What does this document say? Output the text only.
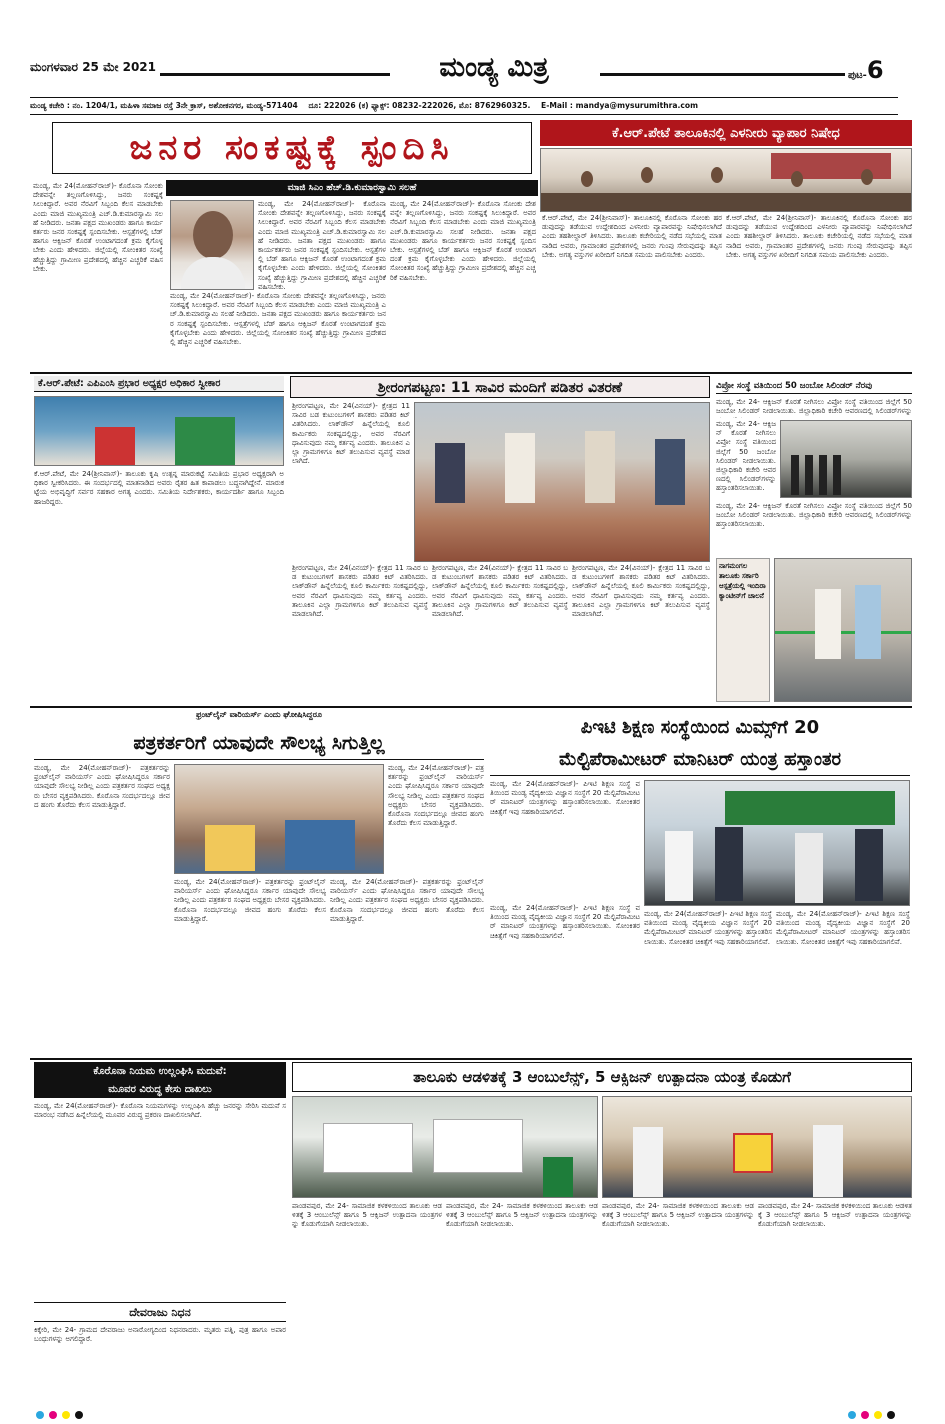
ಮಂಗಳವಾರ 25 ಮೇ 2021	ಮಂಡ್ಯ ಮಿತ್ರ	ಪುಟ-6
ಮಂಡ್ಯ ಕಚೇರಿ : ನಂ. 1204/1, ಮಹಿಳಾ ಸಮಾಜ ರಸ್ತೆ 3ನೇ ಕ್ರಾಸ್, ಅಶೋಕನಗರ, ಮಂಡ್ಯ-571404 ದೂ: 222026 (ಕ) ಫ್ಯಾಕ್ಸ್: 08232-222026, ಮೊ: 8762960325. E-Mail : mandya@mysurumithra.com
ಜನರ ಸಂಕಷ್ಟಕ್ಕೆ ಸ್ಪಂದಿಸಿ
ಮಂಡ್ಯ, ಮೇ 24(ಮೋಹನ್‌ರಾಜ್)- ಕೊರೊನಾ ಸೋಂಕು ದೇಶವನ್ನೇ ತಲ್ಲಣಗೊಳಿಸಿದ್ದು, ಜನರು ಸಂಕಷ್ಟಕ್ಕೆ ಸಿಲುಕಿದ್ದಾರೆ. ಅವರ ನೆರವಿಗೆ ಸಿಬ್ಬಂದಿ ಕೆಲಸ ಮಾಡಬೇಕು ಎಂದು ಮಾಜಿ ಮುಖ್ಯಮಂತ್ರಿ ಎಚ್.ಡಿ.ಕುಮಾರಸ್ವಾಮಿ ಸಲಹೆ ನೀಡಿದರು. ಜನತಾ ಪಕ್ಷದ ಮುಖಂಡರು ಹಾಗೂ ಕಾರ್ಯಕರ್ತರು ಜನರ ಸಂಕಷ್ಟಕ್ಕೆ ಸ್ಪಂದಿಸಬೇಕು. ಆಸ್ಪತ್ರೆಗಳಲ್ಲಿ ಬೆಡ್ ಹಾಗೂ ಆಕ್ಸಿಜನ್ ಕೊರತೆ ಉಂಟಾಗದಂತೆ ಕ್ರಮ ಕೈಗೊಳ್ಳಬೇಕು ಎಂದು ಹೇಳಿದರು. ಜಿಲ್ಲೆಯಲ್ಲಿ ಸೋಂಕಿತರ ಸಂಖ್ಯೆ ಹೆಚ್ಚುತ್ತಿದ್ದು ಗ್ರಾಮೀಣ ಪ್ರದೇಶದಲ್ಲಿ ಹೆಚ್ಚಿನ ಎಚ್ಚರಿಕೆ ವಹಿಸಬೇಕು.
ಮಾಜಿ ಸಿಎಂ ಹೆಚ್.ಡಿ.ಕುಮಾರಸ್ವಾಮಿ ಸಲಹೆ
ಮಂಡ್ಯ, ಮೇ 24(ಮೋಹನ್‌ರಾಜ್)- ಕೊರೊನಾ ಸೋಂಕು ದೇಶವನ್ನೇ ತಲ್ಲಣಗೊಳಿಸಿದ್ದು, ಜನರು ಸಂಕಷ್ಟಕ್ಕೆ ಸಿಲುಕಿದ್ದಾರೆ. ಅವರ ನೆರವಿಗೆ ಸಿಬ್ಬಂದಿ ಕೆಲಸ ಮಾಡಬೇಕು ಎಂದು ಮಾಜಿ ಮುಖ್ಯಮಂತ್ರಿ ಎಚ್.ಡಿ.ಕುಮಾರಸ್ವಾಮಿ ಸಲಹೆ ನೀಡಿದರು. ಜನತಾ ಪಕ್ಷದ ಮುಖಂಡರು ಹಾಗೂ ಕಾರ್ಯಕರ್ತರು ಜನರ ಸಂಕಷ್ಟಕ್ಕೆ ಸ್ಪಂದಿಸಬೇಕು. ಆಸ್ಪತ್ರೆಗಳಲ್ಲಿ ಬೆಡ್ ಹಾಗೂ ಆಕ್ಸಿಜನ್ ಕೊರತೆ ಉಂಟಾಗದಂತೆ ಕ್ರಮ ಕೈಗೊಳ್ಳಬೇಕು ಎಂದು ಹೇಳಿದರು. ಜಿಲ್ಲೆಯಲ್ಲಿ ಸೋಂಕಿತರ ಸಂಖ್ಯೆ ಹೆಚ್ಚುತ್ತಿದ್ದು ಗ್ರಾಮೀಣ ಪ್ರದೇಶದಲ್ಲಿ ಹೆಚ್ಚಿನ ಎಚ್ಚರಿಕೆ ವಹಿಸಬೇಕು.
ಮಂಡ್ಯ, ಮೇ 24(ಮೋಹನ್‌ರಾಜ್)- ಕೊರೊನಾ ಸೋಂಕು ದೇಶವನ್ನೇ ತಲ್ಲಣಗೊಳಿಸಿದ್ದು, ಜನರು ಸಂಕಷ್ಟಕ್ಕೆ ಸಿಲುಕಿದ್ದಾರೆ. ಅವರ ನೆರವಿಗೆ ಸಿಬ್ಬಂದಿ ಕೆಲಸ ಮಾಡಬೇಕು ಎಂದು ಮಾಜಿ ಮುಖ್ಯಮಂತ್ರಿ ಎಚ್.ಡಿ.ಕುಮಾರಸ್ವಾಮಿ ಸಲಹೆ ನೀಡಿದರು. ಜನತಾ ಪಕ್ಷದ ಮುಖಂಡರು ಹಾಗೂ ಕಾರ್ಯಕರ್ತರು ಜನರ ಸಂಕಷ್ಟಕ್ಕೆ ಸ್ಪಂದಿಸಬೇಕು. ಆಸ್ಪತ್ರೆಗಳಲ್ಲಿ ಬೆಡ್ ಹಾಗೂ ಆಕ್ಸಿಜನ್ ಕೊರತೆ ಉಂಟಾಗದಂತೆ ಕ್ರಮ ಕೈಗೊಳ್ಳಬೇಕು ಎಂದು ಹೇಳಿದರು. ಜಿಲ್ಲೆಯಲ್ಲಿ ಸೋಂಕಿತರ ಸಂಖ್ಯೆ ಹೆಚ್ಚುತ್ತಿದ್ದು ಗ್ರಾಮೀಣ ಪ್ರದೇಶದಲ್ಲಿ ಹೆಚ್ಚಿನ ಎಚ್ಚರಿಕೆ ವಹಿಸಬೇಕು.
ಮಂಡ್ಯ, ಮೇ 24(ಮೋಹನ್‌ರಾಜ್)- ಕೊರೊನಾ ಸೋಂಕು ದೇಶವನ್ನೇ ತಲ್ಲಣಗೊಳಿಸಿದ್ದು, ಜನರು ಸಂಕಷ್ಟಕ್ಕೆ ಸಿಲುಕಿದ್ದಾರೆ. ಅವರ ನೆರವಿಗೆ ಸಿಬ್ಬಂದಿ ಕೆಲಸ ಮಾಡಬೇಕು ಎಂದು ಮಾಜಿ ಮುಖ್ಯಮಂತ್ರಿ ಎಚ್.ಡಿ.ಕುಮಾರಸ್ವಾಮಿ ಸಲಹೆ ನೀಡಿದರು. ಜನತಾ ಪಕ್ಷದ ಮುಖಂಡರು ಹಾಗೂ ಕಾರ್ಯಕರ್ತರು ಜನರ ಸಂಕಷ್ಟಕ್ಕೆ ಸ್ಪಂದಿಸಬೇಕು. ಆಸ್ಪತ್ರೆಗಳಲ್ಲಿ ಬೆಡ್ ಹಾಗೂ ಆಕ್ಸಿಜನ್ ಕೊರತೆ ಉಂಟಾಗದಂತೆ ಕ್ರಮ ಕೈಗೊಳ್ಳಬೇಕು ಎಂದು ಹೇಳಿದರು. ಜಿಲ್ಲೆಯಲ್ಲಿ ಸೋಂಕಿತರ ಸಂಖ್ಯೆ ಹೆಚ್ಚುತ್ತಿದ್ದು ಗ್ರಾಮೀಣ ಪ್ರದೇಶದಲ್ಲಿ ಹೆಚ್ಚಿನ ಎಚ್ಚರಿಕೆ ವಹಿಸಬೇಕು.
ಕೆ.ಆರ್.ಪೇಟೆ ತಾಲೂಕಿನಲ್ಲಿ ಎಳನೀರು ವ್ಯಾಪಾರ ನಿಷೇಧ
ಕೆ.ಆರ್.ಪೇಟೆ, ಮೇ 24(ಶ್ರೀನಿವಾಸ್)- ತಾಲೂಕಿನಲ್ಲಿ ಕೊರೊನಾ ಸೋಂಕು ಹರಡುವುದನ್ನು ತಡೆಯುವ ಉದ್ದೇಶದಿಂದ ಎಳನೀರು ವ್ಯಾಪಾರವನ್ನು ನಿಷೇಧಿಸಲಾಗಿದೆ ಎಂದು ತಹಶೀಲ್ದಾರ್ ತಿಳಿಸಿದರು. ತಾಲೂಕು ಕಚೇರಿಯಲ್ಲಿ ನಡೆದ ಸಭೆಯಲ್ಲಿ ಮಾತನಾಡಿದ ಅವರು, ಗ್ರಾಮಾಂತರ ಪ್ರದೇಶಗಳಲ್ಲಿ ಜನರು ಗುಂಪು ಸೇರುವುದನ್ನು ತಪ್ಪಿಸಬೇಕು. ಅಗತ್ಯ ವಸ್ತುಗಳ ಖರೀದಿಗೆ ನಿಗದಿತ ಸಮಯ ಪಾಲಿಸಬೇಕು ಎಂದರು.
ಕೆ.ಆರ್.ಪೇಟೆ, ಮೇ 24(ಶ್ರೀನಿವಾಸ್)- ತಾಲೂಕಿನಲ್ಲಿ ಕೊರೊನಾ ಸೋಂಕು ಹರಡುವುದನ್ನು ತಡೆಯುವ ಉದ್ದೇಶದಿಂದ ಎಳನೀರು ವ್ಯಾಪಾರವನ್ನು ನಿಷೇಧಿಸಲಾಗಿದೆ ಎಂದು ತಹಶೀಲ್ದಾರ್ ತಿಳಿಸಿದರು. ತಾಲೂಕು ಕಚೇರಿಯಲ್ಲಿ ನಡೆದ ಸಭೆಯಲ್ಲಿ ಮಾತನಾಡಿದ ಅವರು, ಗ್ರಾಮಾಂತರ ಪ್ರದೇಶಗಳಲ್ಲಿ ಜನರು ಗುಂಪು ಸೇರುವುದನ್ನು ತಪ್ಪಿಸಬೇಕು. ಅಗತ್ಯ ವಸ್ತುಗಳ ಖರೀದಿಗೆ ನಿಗದಿತ ಸಮಯ ಪಾಲಿಸಬೇಕು ಎಂದರು.
ಕೆ.ಆರ್.ಪೇಟೆ: ಎಪಿಎಂಸಿ ಪ್ರಭಾರ ಅಧ್ಯಕ್ಷರ ಅಧಿಕಾರ ಸ್ವೀಕಾರ
ಕೆ.ಆರ್.ಪೇಟೆ, ಮೇ 24(ಶ್ರೀನಿವಾಸ್)- ತಾಲೂಕು ಕೃಷಿ ಉತ್ಪನ್ನ ಮಾರುಕಟ್ಟೆ ಸಮಿತಿಯ ಪ್ರಭಾರ ಅಧ್ಯಕ್ಷರಾಗಿ ಅಧಿಕಾರ ಸ್ವೀಕರಿಸಿದರು. ಈ ಸಂದರ್ಭದಲ್ಲಿ ಮಾತನಾಡಿದ ಅವರು ರೈತರ ಹಿತ ಕಾಪಾಡಲು ಬದ್ಧನಾಗಿದ್ದೇನೆ. ಮಾರುಕಟ್ಟೆಯ ಅಭಿವೃದ್ಧಿಗೆ ಸರ್ವರ ಸಹಕಾರ ಅಗತ್ಯ ಎಂದರು. ಸಮಿತಿಯ ನಿರ್ದೇಶಕರು, ಕಾರ್ಯದರ್ಶಿ ಹಾಗೂ ಸಿಬ್ಬಂದಿ ಹಾಜರಿದ್ದರು.
ಶ್ರೀರಂಗಪಟ್ಟಣ: 11 ಸಾವಿರ ಮಂದಿಗೆ ಪಡಿತರ ವಿತರಣೆ
ಶ್ರೀರಂಗಪಟ್ಟಣ, ಮೇ 24(ವಿನಯ್)- ಕ್ಷೇತ್ರದ 11 ಸಾವಿರ ಬಡ ಕುಟುಂಬಗಳಿಗೆ ಶಾಸಕರು ಪಡಿತರ ಕಿಟ್ ವಿತರಿಸಿದರು. ಲಾಕ್‌ಡೌನ್ ಹಿನ್ನೆಲೆಯಲ್ಲಿ ಕೂಲಿ ಕಾರ್ಮಿಕರು ಸಂಕಷ್ಟದಲ್ಲಿದ್ದು, ಅವರ ನೆರವಿಗೆ ಧಾವಿಸುವುದು ನಮ್ಮ ಕರ್ತವ್ಯ ಎಂದರು. ತಾಲೂಕಿನ ಎಲ್ಲಾ ಗ್ರಾಮಗಳಿಗೂ ಕಿಟ್ ತಲುಪಿಸುವ ವ್ಯವಸ್ಥೆ ಮಾಡಲಾಗಿದೆ.
ಶ್ರೀರಂಗಪಟ್ಟಣ, ಮೇ 24(ವಿನಯ್)- ಕ್ಷೇತ್ರದ 11 ಸಾವಿರ ಬಡ ಕುಟುಂಬಗಳಿಗೆ ಶಾಸಕರು ಪಡಿತರ ಕಿಟ್ ವಿತರಿಸಿದರು. ಲಾಕ್‌ಡೌನ್ ಹಿನ್ನೆಲೆಯಲ್ಲಿ ಕೂಲಿ ಕಾರ್ಮಿಕರು ಸಂಕಷ್ಟದಲ್ಲಿದ್ದು, ಅವರ ನೆರವಿಗೆ ಧಾವಿಸುವುದು ನಮ್ಮ ಕರ್ತವ್ಯ ಎಂದರು. ತಾಲೂಕಿನ ಎಲ್ಲಾ ಗ್ರಾಮಗಳಿಗೂ ಕಿಟ್ ತಲುಪಿಸುವ ವ್ಯವಸ್ಥೆ ಮಾಡಲಾಗಿದೆ.
ಶ್ರೀರಂಗಪಟ್ಟಣ, ಮೇ 24(ವಿನಯ್)- ಕ್ಷೇತ್ರದ 11 ಸಾವಿರ ಬಡ ಕುಟುಂಬಗಳಿಗೆ ಶಾಸಕರು ಪಡಿತರ ಕಿಟ್ ವಿತರಿಸಿದರು. ಲಾಕ್‌ಡೌನ್ ಹಿನ್ನೆಲೆಯಲ್ಲಿ ಕೂಲಿ ಕಾರ್ಮಿಕರು ಸಂಕಷ್ಟದಲ್ಲಿದ್ದು, ಅವರ ನೆರವಿಗೆ ಧಾವಿಸುವುದು ನಮ್ಮ ಕರ್ತವ್ಯ ಎಂದರು. ತಾಲೂಕಿನ ಎಲ್ಲಾ ಗ್ರಾಮಗಳಿಗೂ ಕಿಟ್ ತಲುಪಿಸುವ ವ್ಯವಸ್ಥೆ ಮಾಡಲಾಗಿದೆ.
ಶ್ರೀರಂಗಪಟ್ಟಣ, ಮೇ 24(ವಿನಯ್)- ಕ್ಷೇತ್ರದ 11 ಸಾವಿರ ಬಡ ಕುಟುಂಬಗಳಿಗೆ ಶಾಸಕರು ಪಡಿತರ ಕಿಟ್ ವಿತರಿಸಿದರು. ಲಾಕ್‌ಡೌನ್ ಹಿನ್ನೆಲೆಯಲ್ಲಿ ಕೂಲಿ ಕಾರ್ಮಿಕರು ಸಂಕಷ್ಟದಲ್ಲಿದ್ದು, ಅವರ ನೆರವಿಗೆ ಧಾವಿಸುವುದು ನಮ್ಮ ಕರ್ತವ್ಯ ಎಂದರು. ತಾಲೂಕಿನ ಎಲ್ಲಾ ಗ್ರಾಮಗಳಿಗೂ ಕಿಟ್ ತಲುಪಿಸುವ ವ್ಯವಸ್ಥೆ ಮಾಡಲಾಗಿದೆ.
ವಿಪ್ರೋ ಸಂಸ್ಥೆ ವತಿಯಿಂದ 50 ಜಂಬೋ ಸಿಲಿಂಡರ್ ನೆರವು
ಮಂಡ್ಯ, ಮೇ 24- ಆಕ್ಸಿಜನ್ ಕೊರತೆ ನೀಗಿಸಲು ವಿಪ್ರೋ ಸಂಸ್ಥೆ ವತಿಯಿಂದ ಜಿಲ್ಲೆಗೆ 50 ಜಂಬೋ ಸಿಲಿಂಡರ್ ನೀಡಲಾಯಿತು. ಜಿಲ್ಲಾಧಿಕಾರಿ ಕಚೇರಿ ಆವರಣದಲ್ಲಿ ಸಿಲಿಂಡರ್‌ಗಳನ್ನು
ಮಂಡ್ಯ, ಮೇ 24- ಆಕ್ಸಿಜನ್ ಕೊರತೆ ನೀಗಿಸಲು ವಿಪ್ರೋ ಸಂಸ್ಥೆ ವತಿಯಿಂದ ಜಿಲ್ಲೆಗೆ 50 ಜಂಬೋ ಸಿಲಿಂಡರ್ ನೀಡಲಾಯಿತು. ಜಿಲ್ಲಾಧಿಕಾರಿ ಕಚೇರಿ ಆವರಣದಲ್ಲಿ ಸಿಲಿಂಡರ್‌ಗಳನ್ನು ಹಸ್ತಾಂತರಿಸಲಾಯಿತು.
ಮಂಡ್ಯ, ಮೇ 24- ಆಕ್ಸಿಜನ್ ಕೊರತೆ ನೀಗಿಸಲು ವಿಪ್ರೋ ಸಂಸ್ಥೆ ವತಿಯಿಂದ ಜಿಲ್ಲೆಗೆ 50 ಜಂಬೋ ಸಿಲಿಂಡರ್ ನೀಡಲಾಯಿತು. ಜಿಲ್ಲಾಧಿಕಾರಿ ಕಚೇರಿ ಆವರಣದಲ್ಲಿ ಸಿಲಿಂಡರ್‌ಗಳನ್ನು ಹಸ್ತಾಂತರಿಸಲಾಯಿತು.
ನಾಗಮಂಗಲ ತಾಲೂಕು ಸರ್ಕಾರಿ ಆಸ್ಪತ್ರೆಯಲ್ಲಿ ಇಂದಿರಾ ಕ್ಯಾಂಟೀನ್‌ಗೆ ಚಾಲನೆ
ಫ್ರಂಟ್‌ಲೈನ್ ವಾರಿಯರ್ಸ್ ಎಂದು ಘೋಷಿಸಿದ್ದರೂ
ಪತ್ರಕರ್ತರಿಗೆ ಯಾವುದೇ ಸೌಲಭ್ಯ ಸಿಗುತ್ತಿಲ್ಲ
ಮಂಡ್ಯ, ಮೇ 24(ಮೋಹನ್‌ರಾಜ್)- ಪತ್ರಕರ್ತರನ್ನು ಫ್ರಂಟ್‌ಲೈನ್ ವಾರಿಯರ್ಸ್ ಎಂದು ಘೋಷಿಸಿದ್ದರೂ ಸರ್ಕಾರ ಯಾವುದೇ ಸೌಲಭ್ಯ ನೀಡಿಲ್ಲ ಎಂದು ಪತ್ರಕರ್ತರ ಸಂಘದ ಅಧ್ಯಕ್ಷರು ಬೇಸರ ವ್ಯಕ್ತಪಡಿಸಿದರು. ಕೊರೊನಾ ಸಂದರ್ಭದಲ್ಲೂ ಜೀವದ ಹಂಗು ತೊರೆದು ಕೆಲಸ ಮಾಡುತ್ತಿದ್ದಾರೆ.
ಮಂಡ್ಯ, ಮೇ 24(ಮೋಹನ್‌ರಾಜ್)- ಪತ್ರಕರ್ತರನ್ನು ಫ್ರಂಟ್‌ಲೈನ್ ವಾರಿಯರ್ಸ್ ಎಂದು ಘೋಷಿಸಿದ್ದರೂ ಸರ್ಕಾರ ಯಾವುದೇ ಸೌಲಭ್ಯ ನೀಡಿಲ್ಲ ಎಂದು ಪತ್ರಕರ್ತರ ಸಂಘದ ಅಧ್ಯಕ್ಷರು ಬೇಸರ ವ್ಯಕ್ತಪಡಿಸಿದರು. ಕೊರೊನಾ ಸಂದರ್ಭದಲ್ಲೂ ಜೀವದ ಹಂಗು ತೊರೆದು ಕೆಲಸ ಮಾಡುತ್ತಿದ್ದಾರೆ.
ಮಂಡ್ಯ, ಮೇ 24(ಮೋಹನ್‌ರಾಜ್)- ಪತ್ರಕರ್ತರನ್ನು ಫ್ರಂಟ್‌ಲೈನ್ ವಾರಿಯರ್ಸ್ ಎಂದು ಘೋಷಿಸಿದ್ದರೂ ಸರ್ಕಾರ ಯಾವುದೇ ಸೌಲಭ್ಯ ನೀಡಿಲ್ಲ ಎಂದು ಪತ್ರಕರ್ತರ ಸಂಘದ ಅಧ್ಯಕ್ಷರು ಬೇಸರ ವ್ಯಕ್ತಪಡಿಸಿದರು. ಕೊರೊನಾ ಸಂದರ್ಭದಲ್ಲೂ ಜೀವದ ಹಂಗು ತೊರೆದು ಕೆಲಸ ಮಾಡುತ್ತಿದ್ದಾರೆ.
ಮಂಡ್ಯ, ಮೇ 24(ಮೋಹನ್‌ರಾಜ್)- ಪತ್ರಕರ್ತರನ್ನು ಫ್ರಂಟ್‌ಲೈನ್ ವಾರಿಯರ್ಸ್ ಎಂದು ಘೋಷಿಸಿದ್ದರೂ ಸರ್ಕಾರ ಯಾವುದೇ ಸೌಲಭ್ಯ ನೀಡಿಲ್ಲ ಎಂದು ಪತ್ರಕರ್ತರ ಸಂಘದ ಅಧ್ಯಕ್ಷರು ಬೇಸರ ವ್ಯಕ್ತಪಡಿಸಿದರು. ಕೊರೊನಾ ಸಂದರ್ಭದಲ್ಲೂ ಜೀವದ ಹಂಗು ತೊರೆದು ಕೆಲಸ ಮಾಡುತ್ತಿದ್ದಾರೆ.
ಪಿಇಟಿ ಶಿಕ್ಷಣ ಸಂಸ್ಥೆಯಿಂದ ಮಿಮ್ಸ್‌ಗೆ 20
ಮೆಲ್ಟಿಪೆರಾಮೀಟರ್ ಮಾನಿಟರ್ ಯಂತ್ರ ಹಸ್ತಾಂತರ
ಮಂಡ್ಯ, ಮೇ 24(ಮೋಹನ್‌ರಾಜ್)- ಪಿಇಟಿ ಶಿಕ್ಷಣ ಸಂಸ್ಥೆ ವತಿಯಿಂದ ಮಂಡ್ಯ ವೈದ್ಯಕೀಯ ವಿಜ್ಞಾನ ಸಂಸ್ಥೆಗೆ 20 ಮೆಲ್ಟಿಪೆರಾಮೀಟರ್ ಮಾನಿಟರ್ ಯಂತ್ರಗಳನ್ನು ಹಸ್ತಾಂತರಿಸಲಾಯಿತು. ಸೋಂಕಿತರ ಚಿಕಿತ್ಸೆಗೆ ಇವು ಸಹಕಾರಿಯಾಗಲಿವೆ.
ಮಂಡ್ಯ, ಮೇ 24(ಮೋಹನ್‌ರಾಜ್)- ಪಿಇಟಿ ಶಿಕ್ಷಣ ಸಂಸ್ಥೆ ವತಿಯಿಂದ ಮಂಡ್ಯ ವೈದ್ಯಕೀಯ ವಿಜ್ಞಾನ ಸಂಸ್ಥೆಗೆ 20 ಮೆಲ್ಟಿಪೆರಾಮೀಟರ್ ಮಾನಿಟರ್ ಯಂತ್ರಗಳನ್ನು ಹಸ್ತಾಂತರಿಸಲಾಯಿತು. ಸೋಂಕಿತರ ಚಿಕಿತ್ಸೆಗೆ ಇವು ಸಹಕಾರಿಯಾಗಲಿವೆ.
ಮಂಡ್ಯ, ಮೇ 24(ಮೋಹನ್‌ರಾಜ್)- ಪಿಇಟಿ ಶಿಕ್ಷಣ ಸಂಸ್ಥೆ ವತಿಯಿಂದ ಮಂಡ್ಯ ವೈದ್ಯಕೀಯ ವಿಜ್ಞಾನ ಸಂಸ್ಥೆಗೆ 20 ಮೆಲ್ಟಿಪೆರಾಮೀಟರ್ ಮಾನಿಟರ್ ಯಂತ್ರಗಳನ್ನು ಹಸ್ತಾಂತರಿಸಲಾಯಿತು. ಸೋಂಕಿತರ ಚಿಕಿತ್ಸೆಗೆ ಇವು ಸಹಕಾರಿಯಾಗಲಿವೆ.
ಮಂಡ್ಯ, ಮೇ 24(ಮೋಹನ್‌ರಾಜ್)- ಪಿಇಟಿ ಶಿಕ್ಷಣ ಸಂಸ್ಥೆ ವತಿಯಿಂದ ಮಂಡ್ಯ ವೈದ್ಯಕೀಯ ವಿಜ್ಞಾನ ಸಂಸ್ಥೆಗೆ 20 ಮೆಲ್ಟಿಪೆರಾಮೀಟರ್ ಮಾನಿಟರ್ ಯಂತ್ರಗಳನ್ನು ಹಸ್ತಾಂತರಿಸಲಾಯಿತು. ಸೋಂಕಿತರ ಚಿಕಿತ್ಸೆಗೆ ಇವು ಸಹಕಾರಿಯಾಗಲಿವೆ.
ಕೊರೊನಾ ನಿಯಮ ಉಲ್ಲಂಘಿಸಿ ಮದುವೆ:
ಮೂವರ ವಿರುದ್ಧ ಕೇಸು ದಾಖಲು
ಮಂಡ್ಯ, ಮೇ 24(ಮೋಹನ್‌ರಾಜ್)- ಕೊರೊನಾ ನಿಯಮಗಳನ್ನು ಉಲ್ಲಂಘಿಸಿ ಹೆಚ್ಚು ಜನರನ್ನು ಸೇರಿಸಿ ಮದುವೆ ಸಮಾರಂಭ ನಡೆಸಿದ ಹಿನ್ನೆಲೆಯಲ್ಲಿ ಮೂವರ ವಿರುದ್ಧ ಪ್ರಕರಣ ದಾಖಲಿಸಲಾಗಿದೆ.
ದೇವರಾಜು ನಿಧನ
ಕಿಕ್ಕೇರಿ, ಮೇ 24- ಗ್ರಾಮದ ದೇವರಾಜು ಅನಾರೋಗ್ಯದಿಂದ ನಿಧನರಾದರು. ಮೃತರು ಪತ್ನಿ, ಪುತ್ರ ಹಾಗೂ ಅಪಾರ ಬಂಧುಗಳನ್ನು ಅಗಲಿದ್ದಾರೆ.
ತಾಲೂಕು ಆಡಳಿತಕ್ಕೆ 3 ಆಂಬುಲೆನ್ಸ್, 5 ಆಕ್ಸಿಜನ್ ಉತ್ಪಾದನಾ ಯಂತ್ರ ಕೊಡುಗೆ
ಪಾಂಡವಪುರ, ಮೇ 24- ಸಾಮಾಜಿಕ ಕಳಕಳಿಯಿಂದ ತಾಲೂಕು ಆಡಳಿತಕ್ಕೆ 3 ಆಂಬುಲೆನ್ಸ್ ಹಾಗೂ 5 ಆಕ್ಸಿಜನ್ ಉತ್ಪಾದನಾ ಯಂತ್ರಗಳನ್ನು ಕೊಡುಗೆಯಾಗಿ ನೀಡಲಾಯಿತು.
ಪಾಂಡವಪುರ, ಮೇ 24- ಸಾಮಾಜಿಕ ಕಳಕಳಿಯಿಂದ ತಾಲೂಕು ಆಡಳಿತಕ್ಕೆ 3 ಆಂಬುಲೆನ್ಸ್ ಹಾಗೂ 5 ಆಕ್ಸಿಜನ್ ಉತ್ಪಾದನಾ ಯಂತ್ರಗಳನ್ನು ಕೊಡುಗೆಯಾಗಿ ನೀಡಲಾಯಿತು.
ಪಾಂಡವಪುರ, ಮೇ 24- ಸಾಮಾಜಿಕ ಕಳಕಳಿಯಿಂದ ತಾಲೂಕು ಆಡಳಿತಕ್ಕೆ 3 ಆಂಬುಲೆನ್ಸ್ ಹಾಗೂ 5 ಆಕ್ಸಿಜನ್ ಉತ್ಪಾದನಾ ಯಂತ್ರಗಳನ್ನು ಕೊಡುಗೆಯಾಗಿ ನೀಡಲಾಯಿತು.
ಪಾಂಡವಪುರ, ಮೇ 24- ಸಾಮಾಜಿಕ ಕಳಕಳಿಯಿಂದ ತಾಲೂಕು ಆಡಳಿತಕ್ಕೆ 3 ಆಂಬುಲೆನ್ಸ್ ಹಾಗೂ 5 ಆಕ್ಸಿಜನ್ ಉತ್ಪಾದನಾ ಯಂತ್ರಗಳನ್ನು ಕೊಡುಗೆಯಾಗಿ ನೀಡಲಾಯಿತು.
